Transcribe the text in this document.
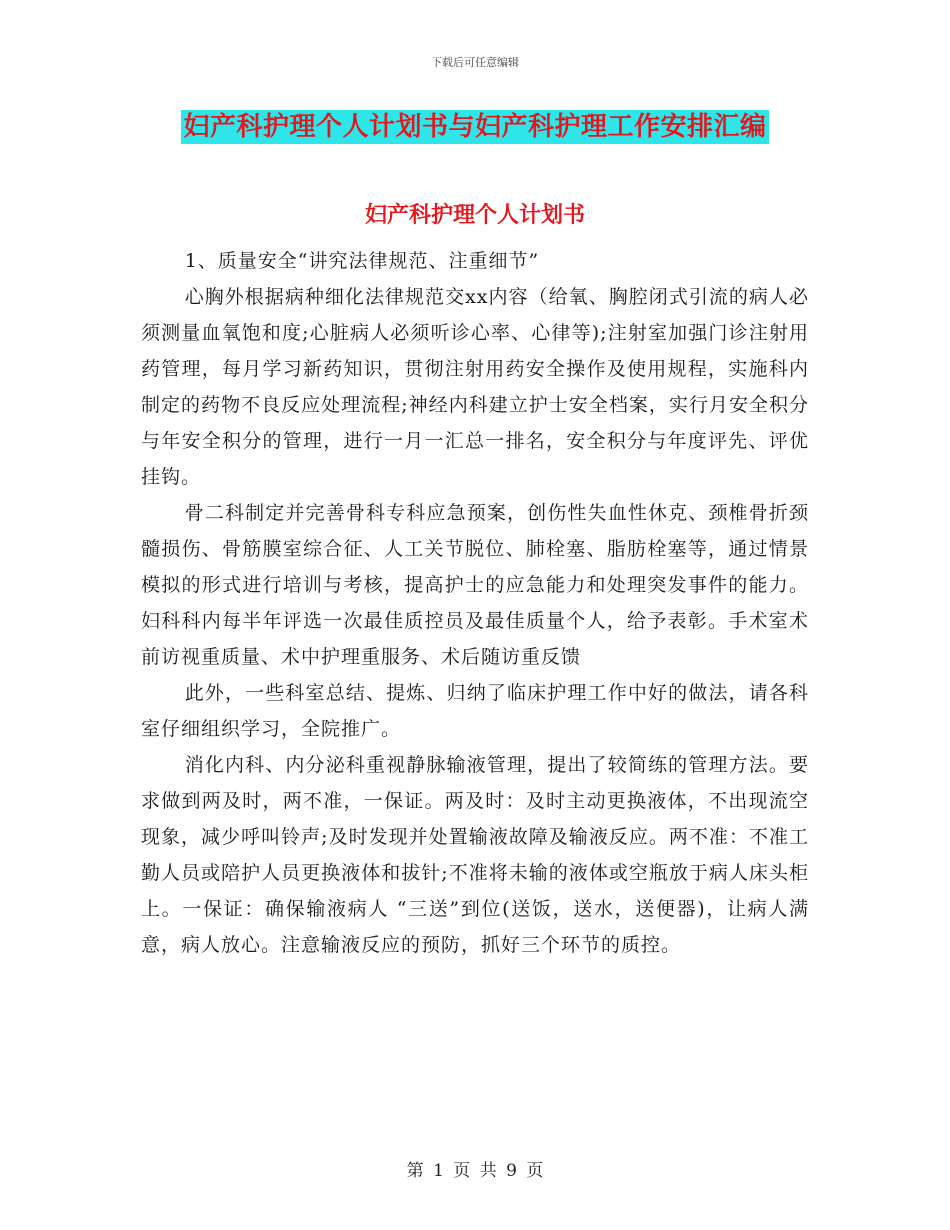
下载后可任意编辑
妇产科护理个人计划书与妇产科护理工作安排汇编
妇产科护理个人计划书

1、质量安全“讲究法律规范、注重细节”

心胸外根据病种细化法律规范交xx内容（给氧、胸腔闭式引流的病人必须测量血氧饱和度;心脏病人必须听诊心率、心律等);注射室加强门诊注射用药管理，每月学习新药知识，贯彻注射用药安全操作及使用规程，实施科内制定的药物不良反应处理流程;神经内科建立护士安全档案，实行月安全积分与年安全积分的管理，进行一月一汇总一排名，安全积分与年度评先、评优挂钩。

骨二科制定并完善骨科专科应急预案，创伤性失血性休克、颈椎骨折颈髓损伤、骨筋膜室综合征、人工关节脱位、肺栓塞、脂肪栓塞等，通过情景模拟的形式进行培训与考核，提高护士的应急能力和处理突发事件的能力。妇科科内每半年评选一次最佳质控员及最佳质量个人，给予表彰。手术室术前访视重质量、术中护理重服务、术后随访重反馈

此外，一些科室总结、提炼、归纳了临床护理工作中好的做法，请各科室仔细组织学习，全院推广。

消化内科、内分泌科重视静脉输液管理，提出了较简练的管理方法。要求做到两及时，两不准，一保证。两及时：及时主动更换液体，不出现流空现象，减少呼叫铃声;及时发现并处置输液故障及输液反应。两不准：不准工勤人员或陪护人员更换液体和拔针;不准将未输的液体或空瓶放于病人床头柜上。一保证：确保输液病人 “三送”到位(送饭，送水，送便器)，让病人满意，病人放心。注意输液反应的预防，抓好三个环节的质控。

第 1 页 共 9 页
